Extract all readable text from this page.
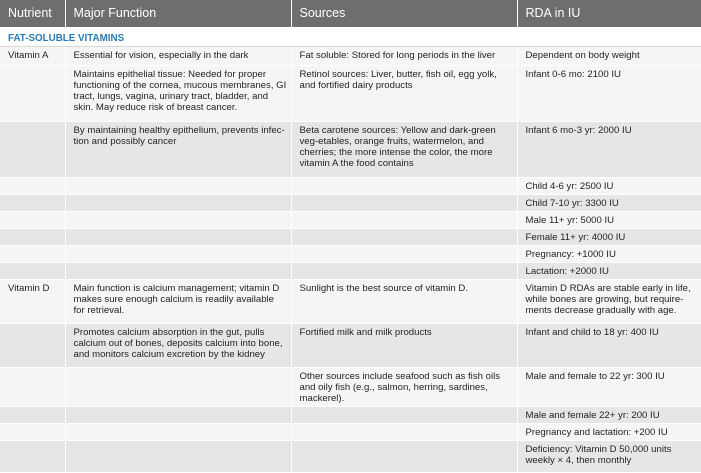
Nutrient	Major Function	Sources	RDA in IU
FAT-SOLUBLE VITAMINS			
Vitamin A	Essential for vision, especially in the dark	Fat soluble: Stored for long periods in the liver	Dependent on body weight
	Maintains epithelial tissue: Needed for proper functioning of the cornea, mucous membranes, GI tract, lungs, vagina, urinary tract, bladder, and skin. May reduce risk of breast cancer.	Retinol sources: Liver, butter, fish oil, egg yolk, and fortified dairy products	Infant 0-6 mo: 2100 IU
	By maintaining healthy epithelium, prevents infec-tion and possibly cancer	Beta carotene sources: Yellow and dark-green veg-etables, orange fruits, watermelon, and cherries; the more intense the color, the more vitamin A the food contains	Infant 6 mo-3 yr: 2000 IU
			Child 4-6 yr: 2500 IU
			Child 7-10 yr: 3300 IU
			Male 11+ yr: 5000 IU
			Female 11+ yr: 4000 IU
			Pregnancy: +1000 IU
			Lactation: +2000 IU
Vitamin D	Main function is calcium management; vitamin D makes sure enough calcium is readily available for retrieval.	Sunlight is the best source of vitamin D.	Vitamin D RDAs are stable early in life, while bones are growing, but require-ments decrease gradually with age.
	Promotes calcium absorption in the gut, pulls calcium out of bones, deposits calcium into bone, and monitors calcium excretion by the kidney	Fortified milk and milk products	Infant and child to 18 yr: 400 IU
		Other sources include seafood such as fish oils and oily fish (e.g., salmon, herring, sardines, mackerel).	Male and female to 22 yr: 300 IU
			Male and female 22+ yr: 200 IU
			Pregnancy and lactation: +200 IU
			Deficiency: Vitamin D 50,000 units weekly × 4, then monthly
